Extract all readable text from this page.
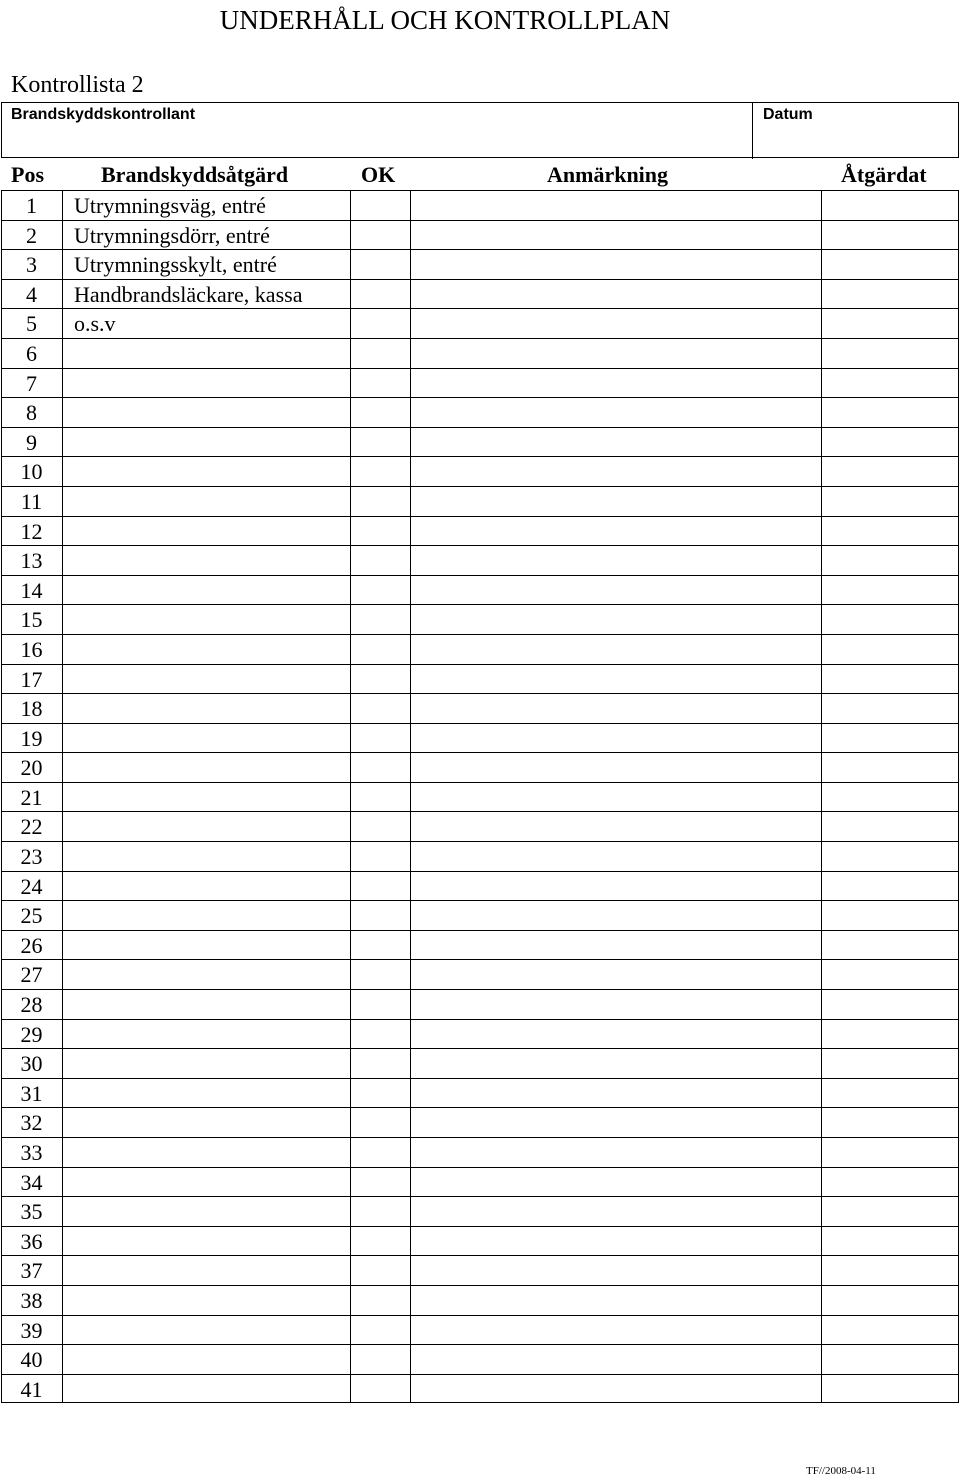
UNDERHÅLL OCH KONTROLLPLAN
Kontrollista 2
Brandskyddskontrollant	Datum
Pos	Brandskyddsåtgärd	OK	Anmärkning	Åtgärdat
1	Utrymningsväg, entré
2	Utrymningsdörr, entré
3	Utrymningsskylt, entré
4	Handbrandsläckare, kassa
5	o.s.v
6
7
8
9
10
11
12
13
14
15
16
17
18
19
20
21
22
23
24
25
26
27
28
29
30
31
32
33
34
35
36
37
38
39
40
41
TF//2008-04-11
